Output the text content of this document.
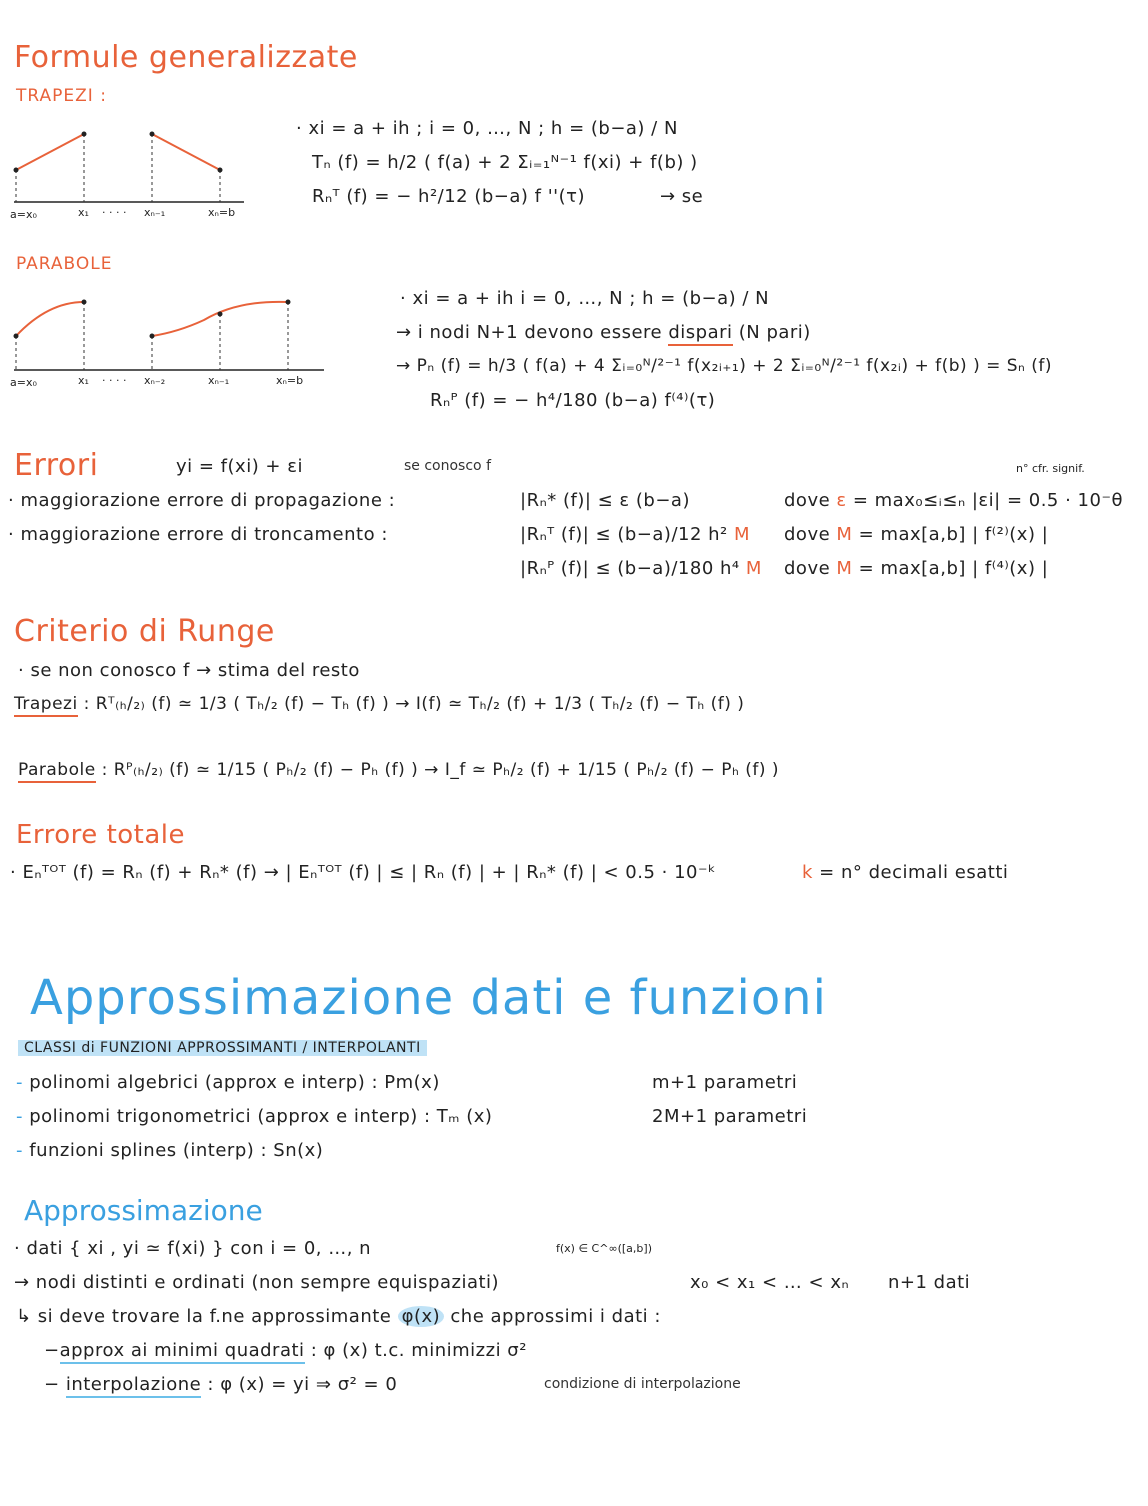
Formule generalizzate
TRAPEZI :
a=x₀	x₁ · · · · xₙ₋₁	xₙ=b
· xi = a + ih ; i = 0, …, N ; h = (b−a) / N
Tₙ (f) = h/2 ( f(a) + 2 Σᵢ₌₁ᴺ⁻¹ f(xi) + f(b) )
Rₙᵀ (f) = − h²/12 (b−a) f ''(τ)	→ se
PARABOLE
a=x₀	x₁ · · · · xₙ₋₂	xₙ₋₁	xₙ=b
· xi = a + ih i = 0, …, N ; h = (b−a) / N
→ i nodi N+1 devono essere dispari (N pari)
→ Pₙ (f) = h/3 ( f(a) + 4 Σᵢ₌₀ᴺ/²⁻¹ f(x₂ᵢ₊₁) + 2 Σᵢ₌₀ᴺ/²⁻¹ f(x₂ᵢ) + f(b) ) = Sₙ (f)
Rₙᴾ (f) = − h⁴/180 (b−a) f⁽⁴⁾(τ)
Errori	yi = f(xi) + εi	se conosco f	n° cfr. signif.
· maggiorazione errore di propagazione :	|Rₙ* (f)| ≤ ε (b−a)	dove ε = max₀≤ᵢ≤ₙ |εi| = 0.5 · 10⁻θ
· maggiorazione errore di troncamento :	|Rₙᵀ (f)| ≤ (b−a)/12 h² M dove M = max[a,b] | f⁽²⁾(x) |
|Rₙᴾ (f)| ≤ (b−a)/180 h⁴ M dove M = max[a,b] | f⁽⁴⁾(x) |
Criterio di Runge
· se non conosco f → stima del resto
Trapezi : Rᵀ₍ₕ/₂₎ (f) ≃ 1/3 ( Tₕ/₂ (f) − Tₕ (f) ) → I(f) ≃ Tₕ/₂ (f) + 1/3 ( Tₕ/₂ (f) − Tₕ (f) )
Parabole : Rᴾ₍ₕ/₂₎ (f) ≃ 1/15 ( Pₕ/₂ (f) − Pₕ (f) ) → I_f ≃ Pₕ/₂ (f) + 1/15 ( Pₕ/₂ (f) − Pₕ (f) )
Errore totale
· Eₙᵀᴼᵀ (f) = Rₙ (f) + Rₙ* (f) → | Eₙᵀᴼᵀ (f) | ≤ | Rₙ (f) | + | Rₙ* (f) | < 0.5 · 10⁻ᵏ	k = n° decimali esatti
Approssimazione dati e funzioni
CLASSI di FUNZIONI APPROSSIMANTI / INTERPOLANTI
- polinomi algebrici (approx e interp) : Pm(x)	m+1 parametri
- polinomi trigonometrici (approx e interp) : Tₘ (x)	2M+1 parametri
- funzioni splines (interp) : Sn(x)
Approssimazione
· dati { xi , yi ≃ f(xi) } con i = 0, …, n	f(x) ∈ C^∞([a,b])
→ nodi distinti e ordinati (non sempre equispaziati)	x₀ < x₁ < … < xₙ n+1 dati
↳ si deve trovare la f.ne approssimante φ(x) che approssimi i dati :
−approx ai minimi quadrati : φ (x) t.c. minimizzi σ²
− interpolazione : φ (x) = yi ⇒ σ² = 0	condizione di interpolazione
